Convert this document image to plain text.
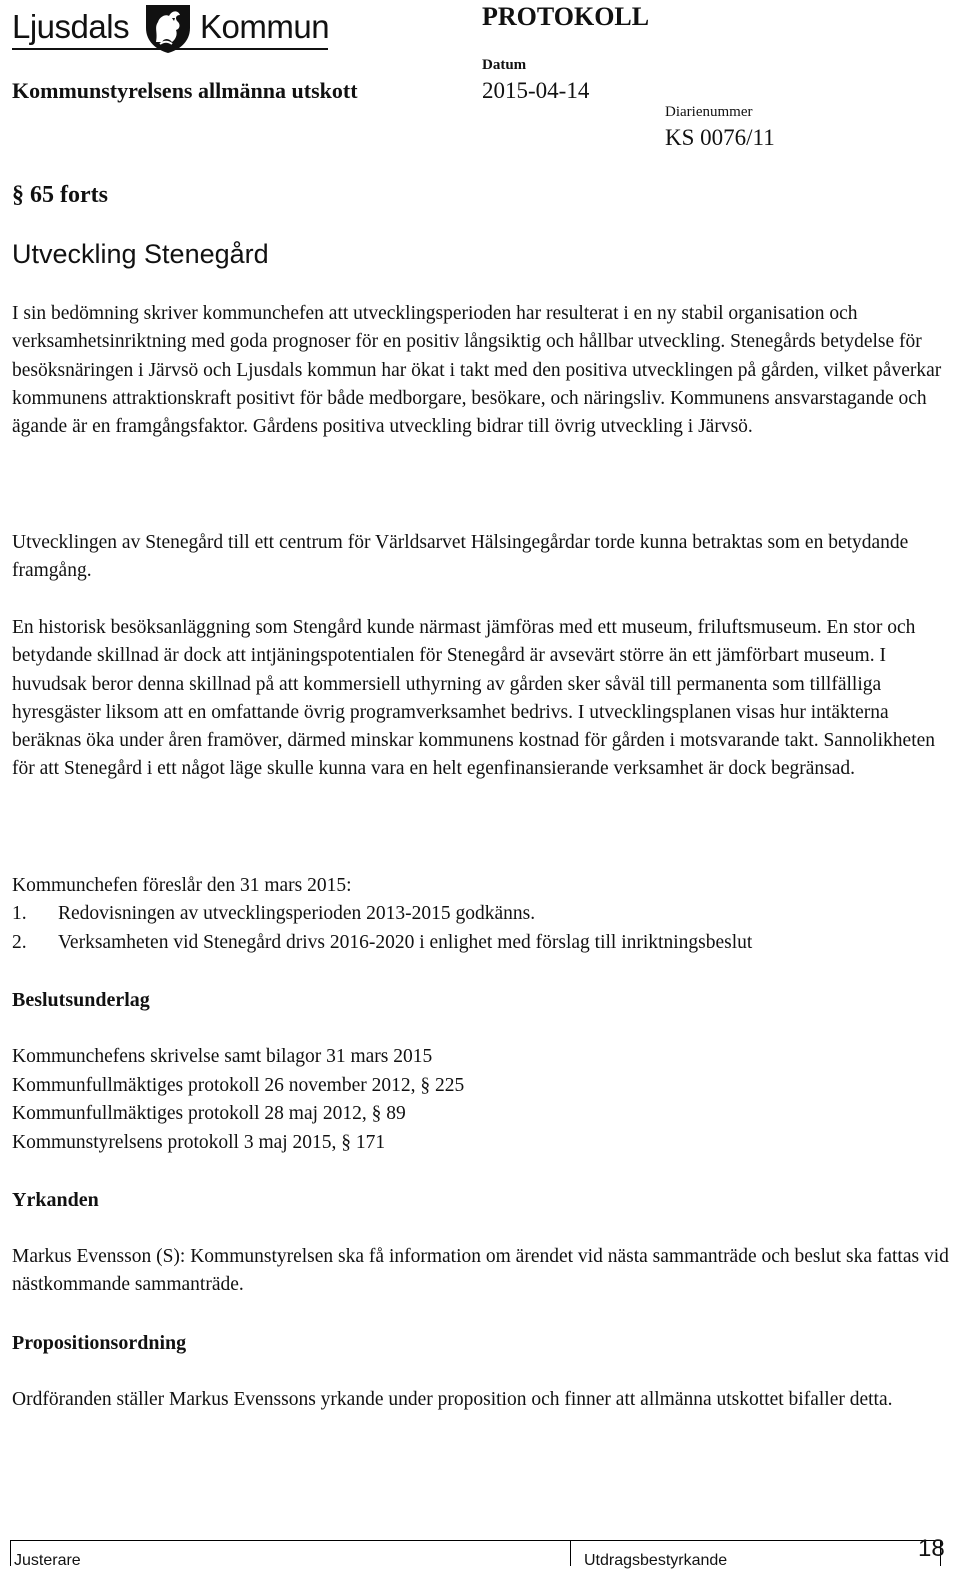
Ljusdals Kommun	PROTOKOLL
Kommunstyrelsens allmänna utskott
Datum
2015-04-14
Diarienummer
KS 0076/11
§ 65 forts
Utveckling Stenegård

I sin bedömning skriver kommunchefen att utvecklingsperioden har resulterat i en ny stabil organisation och verksamhetsinriktning med goda prognoser för en positiv långsiktig och hållbar utveckling. Stenegårds betydelse för besöksnäringen i Järvsö och Ljusdals kommun har ökat i takt med den positiva utvecklingen på gården, vilket påverkar kommunens attraktionskraft positivt för både medborgare, besökare, och näringsliv. Kommunens ansvarstagande och ägande är en framgångsfaktor. Gårdens positiva utveckling bidrar till övrig utveckling i Järvsö.

Utvecklingen av Stenegård till ett centrum för Världsarvet Hälsingegårdar torde kunna betraktas som en betydande framgång.

En historisk besöksanläggning som Stengård kunde närmast jämföras med ett museum, friluftsmuseum. En stor och betydande skillnad är dock att intjäningspotentialen för Stenegård är avsevärt större än ett jämförbart museum. I huvudsak beror denna skillnad på att kommersiell uthyrning av gården sker såväl till permanenta som tillfälliga hyresgäster liksom att en omfattande övrig programverksamhet bedrivs. I utvecklingsplanen visas hur intäkterna beräknas öka under åren framöver, därmed minskar kommunens kostnad för gården i motsvarande takt. Sannolikheten för att Stenegård i ett något läge skulle kunna vara en helt egenfinansierande verksamhet är dock begränsad.

Kommunchefen föreslår den 31 mars 2015:
1. Redovisningen av utvecklingsperioden 2013-2015 godkänns.
2. Verksamheten vid Stenegård drivs 2016-2020 i enlighet med förslag till inriktningsbeslut
Beslutsunderlag
Kommunchefens skrivelse samt bilagor 31 mars 2015
Kommunfullmäktiges protokoll 26 november 2012, § 225
Kommunfullmäktiges protokoll 28 maj 2012, § 89
Kommunstyrelsens protokoll 3 maj 2015, § 171
Yrkanden

Markus Evensson (S): Kommunstyrelsen ska få information om ärendet vid nästa sammanträde och beslut ska fattas vid nästkommande sammanträde.

Propositionsordning

Ordföranden ställer Markus Evenssons yrkande under proposition och finner att allmänna utskottet bifaller detta.

Justerare	Utdragsbestyrkande	18
